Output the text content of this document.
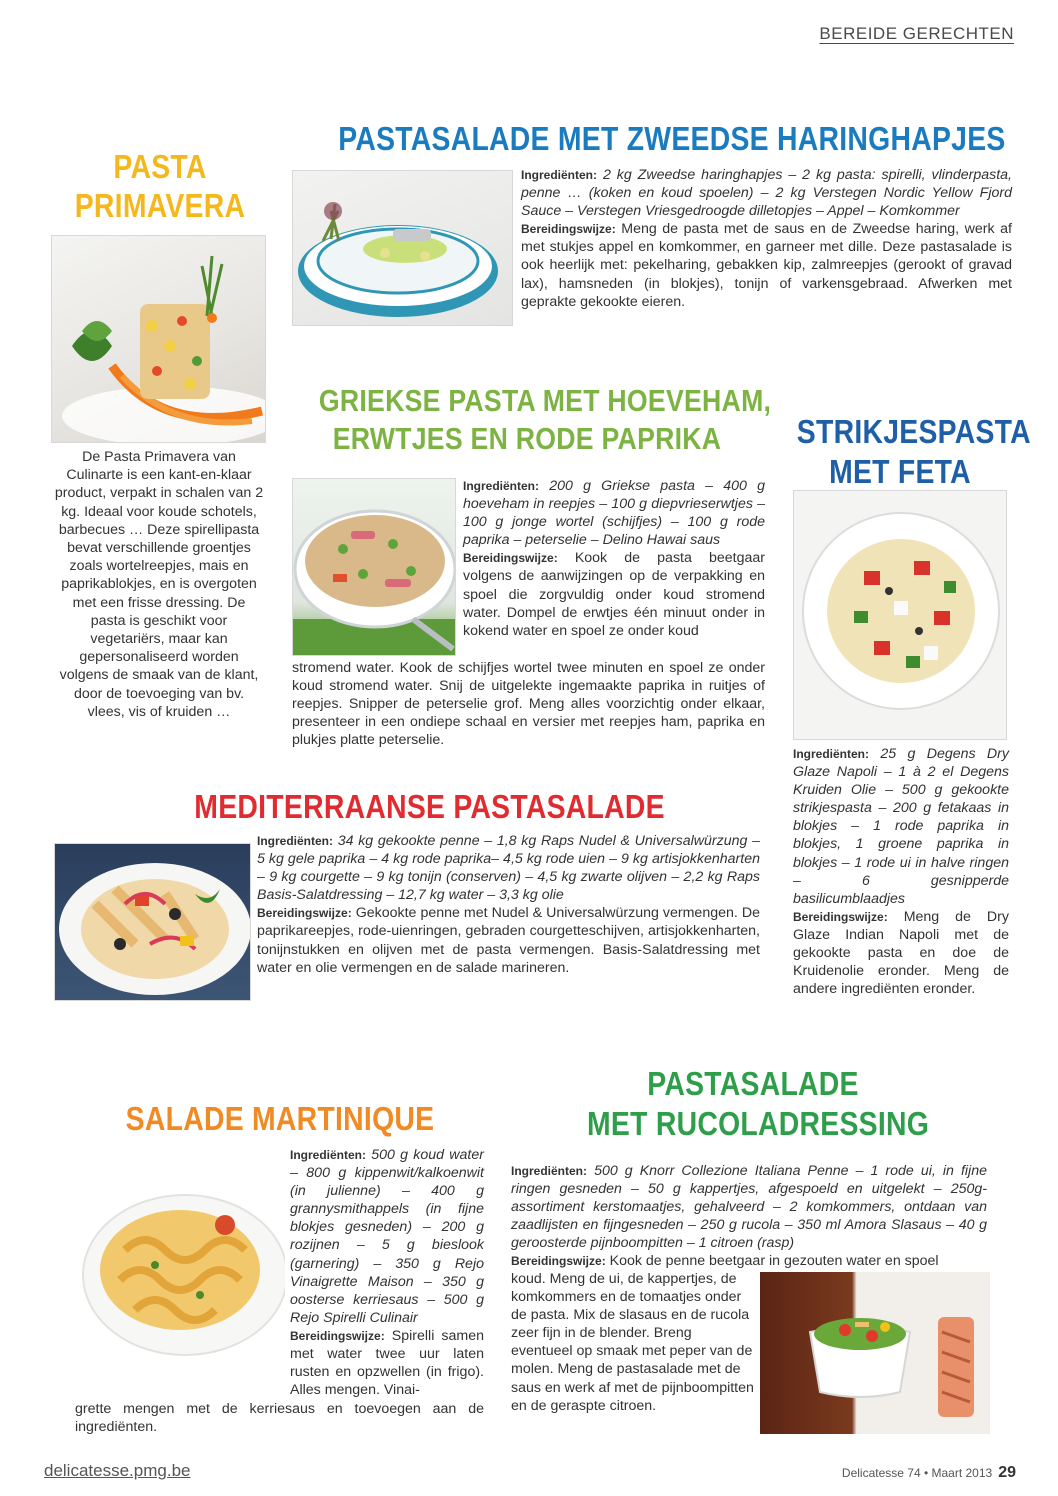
BEREIDE GERECHTEN
PASTA
PRIMAVERA
De Pasta Primavera van Culinarte is een kant-en-klaar product, verpakt in schalen van 2 kg. Ideaal voor koude schotels, barbecues … Deze spirellipasta bevat verschillende groentjes zoals wortelreepjes, mais en paprikablokjes, en is overgoten met een frisse dressing. De pasta is geschikt voor vegetariërs, maar kan gepersonaliseerd worden volgens de smaak van de klant, door de toevoeging van bv. vlees, vis of kruiden …
PASTASALADE MET ZWEEDSE HARINGHAPJES
Ingrediënten: 2 kg Zweedse haringhapjes – 2 kg pasta: spirelli, vlinderpasta, penne … (koken en koud spoelen) – 2 kg Verstegen Nordic Yellow Fjord Sauce – Verstegen Vriesgedroogde dilletopjes – Appel – Komkommer
Bereidingswijze: Meng de pasta met de saus en de Zweedse haring, werk af met stukjes appel en komkommer, en garneer met dille. Deze pastasalade is ook heerlijk met: pekelharing, gebakken kip, zalmreepjes (gerookt of gravad lax), hamsneden (in blokjes), tonijn of varkensgebraad. Afwerken met geprakte gekookte eieren.
GRIEKSE PASTA MET HOEVEHAM,
ERWTJES EN RODE PAPRIKA
Ingrediënten: 200 g Griekse pasta – 400 g hoeveham in reepjes – 100 g diepvrieserwtjes – 100 g jonge wortel (schijfjes) – 100 g rode paprika – peterselie – Delino Hawai saus
Bereidingswijze: Kook de pasta beetgaar volgens de aanwijzingen op de verpakking en spoel die zorgvuldig onder koud stromend water. Dompel de erwtjes één minuut onder in kokend water en spoel ze onder koud
stromend water. Kook de schijfjes wortel twee minuten en spoel ze onder koud stromend water. Snij de uitgelekte ingemaakte paprika in ruitjes of reepjes. Snipper de peterselie grof. Meng alles voorzichtig onder elkaar, presenteer in een ondiepe schaal en versier met reepjes ham, paprika en plukjes platte peterselie.
STRIKJESPASTA
MET FETA
Ingrediënten: 25 g Degens Dry Glaze Napoli – 1 à 2 el Degens Kruiden Olie – 500 g gekookte strikjespasta – 200 g fetakaas in blokjes – 1 rode paprika in blokjes, 1 groene paprika in blokjes – 1 rode ui in halve ringen – 6 gesnipperde basilicumblaadjes
Bereidingswijze: Meng de Dry Glaze Indian Napoli met de gekookte pasta en doe de Kruidenolie eronder. Meng de andere ingrediënten eronder.
MEDITERRAANSE PASTASALADE
Ingrediënten: 34 kg gekookte penne – 1,8 kg Raps Nudel & Universalwürzung – 5 kg gele paprika – 4 kg rode paprika– 4,5 kg rode uien – 9 kg artisjokkenharten – 9 kg courgette – 9 kg tonijn (conserven) – 4,5 kg zwarte olijven – 2,2 kg Raps Basis-Salatdressing – 12,7 kg water – 3,3 kg olie
Bereidingswijze: Gekookte penne met Nudel & Universalwürzung vermengen. De paprikareepjes, rode-uienringen, gebraden courgetteschijven, artisjokkenharten, tonijnstukken en olijven met de pasta vermengen. Basis-Salatdressing met water en olie vermengen en de salade marineren.
SALADE MARTINIQUE
Ingrediënten: 500 g koud water – 800 g kippenwit/kalkoenwit (in julienne) – 400 g grannysmithappels (in fijne blokjes gesneden) – 200 g rozijnen – 5 g bieslook (garnering) – 350 g Rejo Vinaigrette Maison – 350 g oosterse kerriesaus – 500 g Rejo Spirelli Culinair
Bereidingswijze: Spirelli samen met water twee uur laten rusten en opzwellen (in frigo). Alles mengen. Vinai-
grette mengen met de kerriesaus en toevoegen aan de ingrediënten.
PASTASALADE
MET RUCOLADRESSING
Ingrediënten: 500 g Knorr Collezione Italiana Penne – 1 rode ui, in fijne ringen gesneden – 50 g kappertjes, afgespoeld en uitgelekt – 250g-assortiment kerstomaatjes, gehalveerd – 2 komkommers, ontdaan van zaadlijsten en fijngesneden – 250 g rucola – 350 ml Amora Slasaus – 40 g geroosterde pijnboompitten – 1 citroen (rasp)
Bereidingswijze: Kook de penne beetgaar in gezouten water en spoel
koud. Meng de ui, de kappertjes, de komkommers en de tomaatjes onder de pasta. Mix de slasaus en de rucola zeer fijn in de blender. Breng eventueel op smaak met peper van de molen. Meng de pastasalade met de saus en werk af met de pijnboompitten en de geraspte citroen.
delicatesse.pmg.be	Delicatesse 74 • Maart 2013 29
